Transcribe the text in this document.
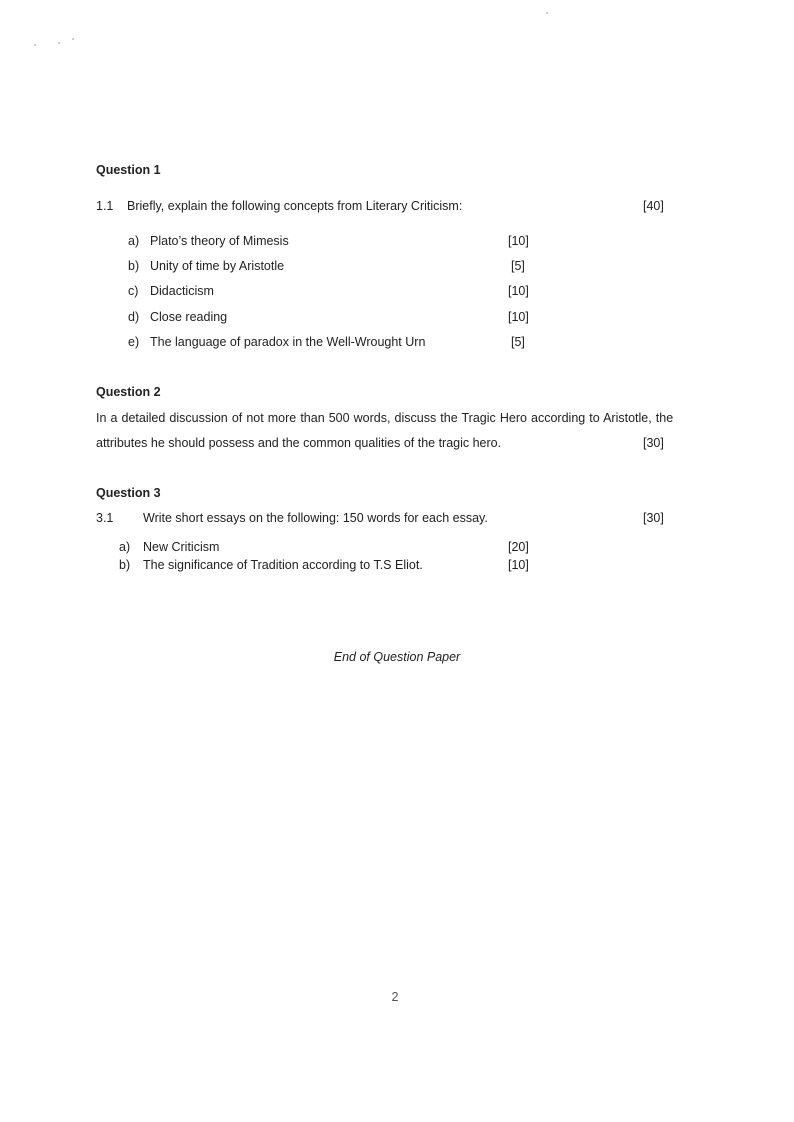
Question 1
1.1 Briefly, explain the following concepts from Literary Criticism:	[40]
a) Plato’s theory of Mimesis	[10]
b) Unity of time by Aristotle	[5]
c) Didacticism	[10]
d) Close reading	[10]
e) The language of paradox in the Well-Wrought Urn	[5]
Question 2
In a detailed discussion of not more than 500 words, discuss the Tragic Hero according to Aristotle, the
attributes he should possess and the common qualities of the tragic hero.	[30]
Question 3
3.1 Write short essays on the following: 150 words for each essay.	[30]
a) New Criticism	[20]
b) The significance of Tradition according to T.S Eliot.	[10]
End of Question Paper
2
